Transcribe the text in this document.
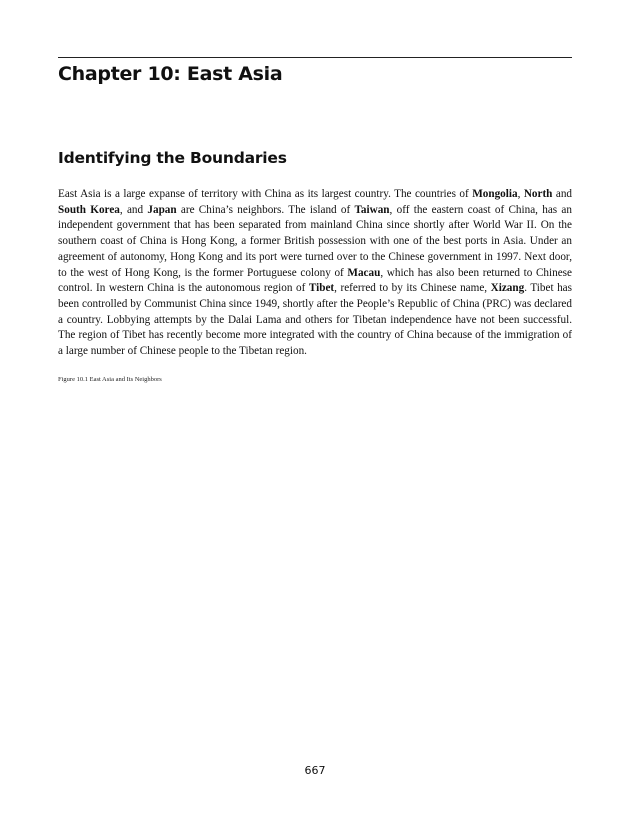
Chapter 10: East Asia
Identifying the Boundaries

East Asia is a large expanse of territory with China as its largest country. The countries of Mongolia, North and South Korea, and Japan are China’s neighbors. The island of Taiwan, off the eastern coast of China, has an independent government that has been separated from mainland China since shortly after World War II. On the southern coast of China is Hong Kong, a former British possession with one of the best ports in Asia. Under an agreement of autonomy, Hong Kong and its port were turned over to the Chinese government in 1997. Next door, to the west of Hong Kong, is the former Portuguese colony of Macau, which has also been returned to Chinese control. In western China is the autonomous region of Tibet, referred to by its Chinese name, Xizang. Tibet has been controlled by Communist China since 1949, shortly after the People’s Republic of China (PRC) was declared a country. Lobbying attempts by the Dalai Lama and others for Tibetan independence have not been successful. The region of Tibet has recently become more integrated with the country of China because of the immigration of a large number of Chinese people to the Tibetan region.

Figure 10.1 East Asia and Its Neighbors

667
